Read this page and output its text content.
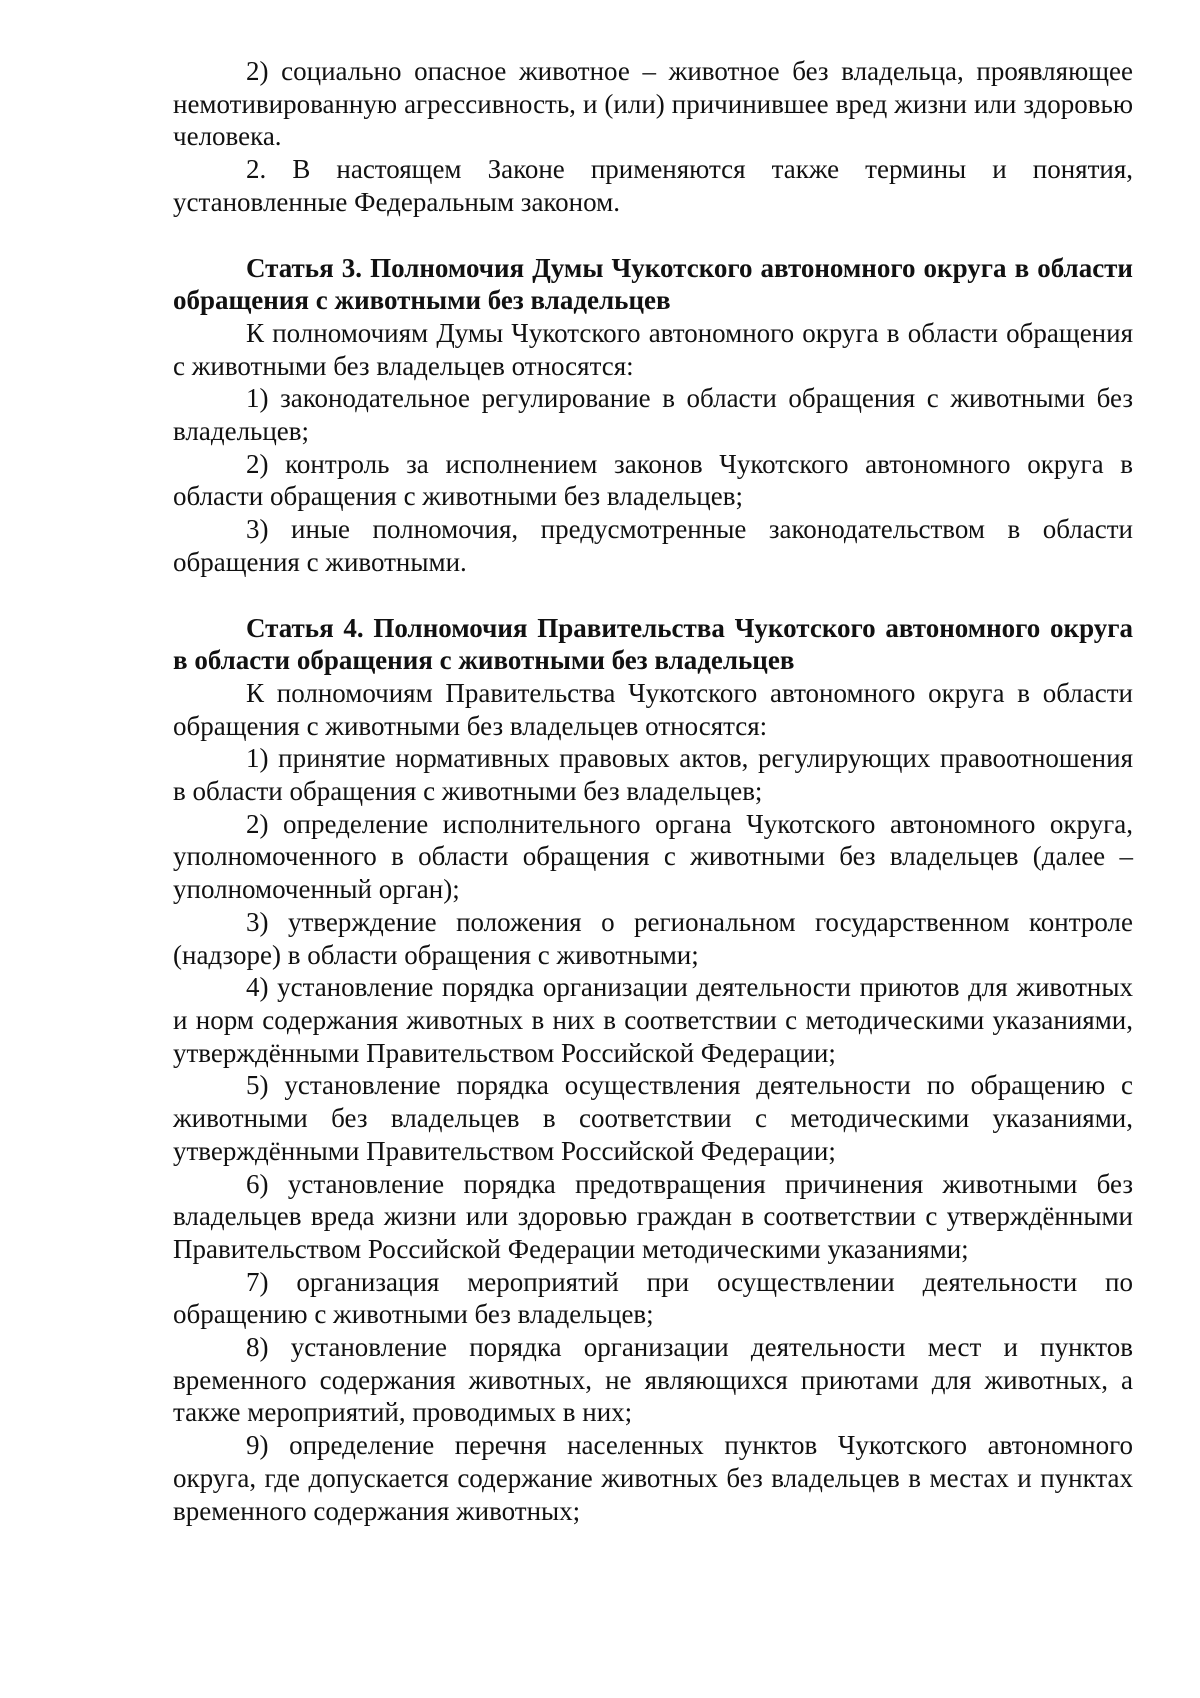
2) социально опасное животное – животное без владельца, проявляющее немотивированную агрессивность, и (или) причинившее вред жизни или здоровью человека.

2. В настоящем Законе применяются также термины и понятия, установленные Федеральным законом.

Статья 3. Полномочия Думы Чукотского автономного округа в области обращения с животными без владельцев

К полномочиям Думы Чукотского автономного округа в области обращения с животными без владельцев относятся:

1) законодательное регулирование в области обращения с животными без владельцев;

2) контроль за исполнением законов Чукотского автономного округа в области обращения с животными без владельцев;

3) иные полномочия, предусмотренные законодательством в области обращения с животными.

Статья 4. Полномочия Правительства Чукотского автономного округа в области обращения с животными без владельцев

К полномочиям Правительства Чукотского автономного округа в области обращения с животными без владельцев относятся:

1) принятие нормативных правовых актов, регулирующих правоотношения в области обращения с животными без владельцев;

2) определение исполнительного органа Чукотского автономного округа, уполномоченного в области обращения с животными без владельцев (далее – уполномоченный орган);

3) утверждение положения о региональном государственном контроле (надзоре) в области обращения с животными;

4) установление порядка организации деятельности приютов для животных и норм содержания животных в них в соответствии с методическими указаниями, утверждёнными Правительством Российской Федерации;

5) установление порядка осуществления деятельности по обращению с животными без владельцев в соответствии с методическими указаниями, утверждёнными Правительством Российской Федерации;

6) установление порядка предотвращения причинения животными без владельцев вреда жизни или здоровью граждан в соответствии с утверждёнными Правительством Российской Федерации методическими указаниями;

7) организация мероприятий при осуществлении деятельности по обращению с животными без владельцев;

8) установление порядка организации деятельности мест и пунктов временного содержания животных, не являющихся приютами для животных, а также мероприятий, проводимых в них;

9) определение перечня населенных пунктов Чукотского автономного округа, где допускается содержание животных без владельцев в местах и пунктах временного содержания животных;
